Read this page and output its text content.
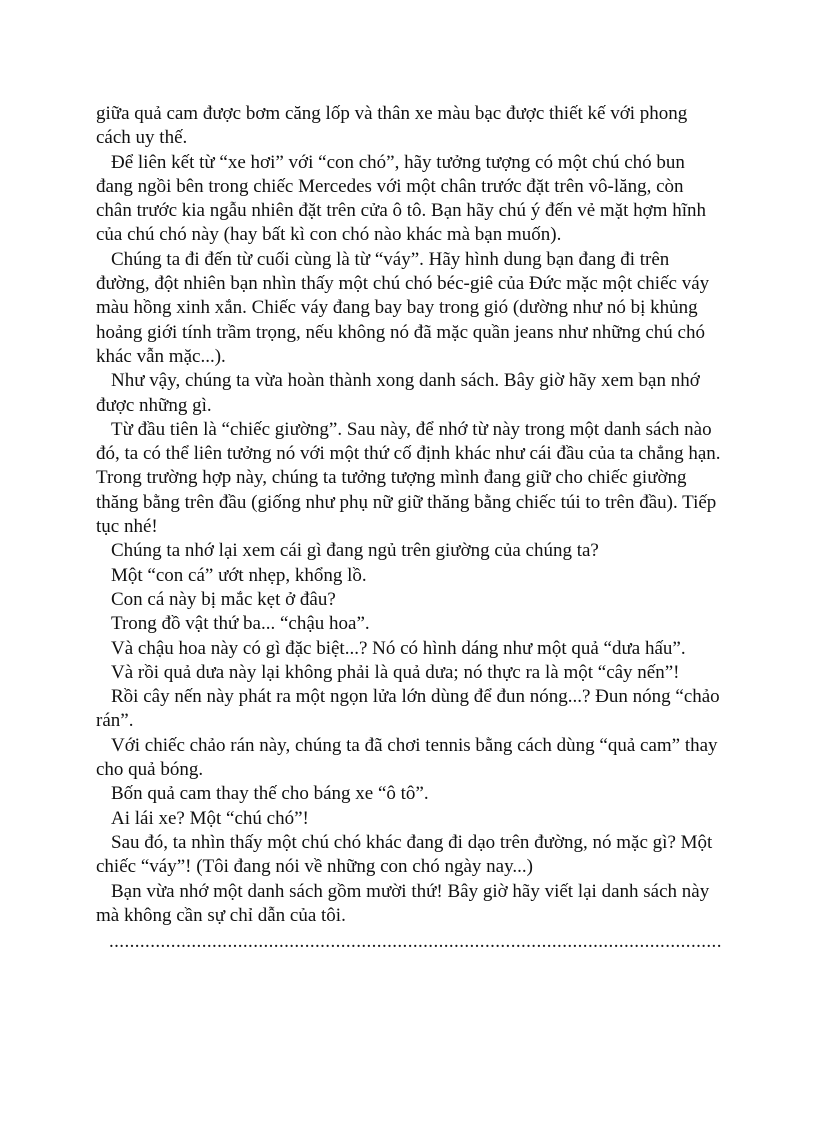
giữa quả cam được bơm căng lốp và thân xe màu bạc được thiết kế với phong cách uy thế.

Để liên kết từ “xe hơi” với “con chó”, hãy tưởng tượng có một chú chó bun đang ngồi bên trong chiếc Mercedes với một chân trước đặt trên vô-lăng, còn chân trước kia ngẫu nhiên đặt trên cửa ô tô. Bạn hãy chú ý đến vẻ mặt hợm hĩnh của chú chó này (hay bất kì con chó nào khác mà bạn muốn).

Chúng ta đi đến từ cuối cùng là từ “váy”. Hãy hình dung bạn đang đi trên đường, đột nhiên bạn nhìn thấy một chú chó béc-giê của Đức mặc một chiếc váy màu hồng xinh xắn. Chiếc váy đang bay bay trong gió (dường như nó bị khủng hoảng giới tính trầm trọng, nếu không nó đã mặc quần jeans như những chú chó khác vẫn mặc...).

Như vậy, chúng ta vừa hoàn thành xong danh sách. Bây giờ hãy xem bạn nhớ được những gì.

Từ đầu tiên là “chiếc giường”. Sau này, để nhớ từ này trong một danh sách nào đó, ta có thể liên tưởng nó với một thứ cố định khác như cái đầu của ta chẳng hạn. Trong trường hợp này, chúng ta tưởng tượng mình đang giữ cho chiếc giường thăng bằng trên đầu (giống như phụ nữ giữ thăng bằng chiếc túi to trên đầu). Tiếp tục nhé!

Chúng ta nhớ lại xem cái gì đang ngủ trên giường của chúng ta?

Một “con cá” ướt nhẹp, khổng lồ.

Con cá này bị mắc kẹt ở đâu?

Trong đồ vật thứ ba... “chậu hoa”.

Và chậu hoa này có gì đặc biệt...? Nó có hình dáng như một quả “dưa hấu”.

Và rồi quả dưa này lại không phải là quả dưa; nó thực ra là một “cây nến”!

Rồi cây nến này phát ra một ngọn lửa lớn dùng để đun nóng...? Đun nóng “chảo rán”.

Với chiếc chảo rán này, chúng ta đã chơi tennis bằng cách dùng “quả cam” thay cho quả bóng.

Bốn quả cam thay thế cho báng xe “ô tô”.

Ai lái xe? Một “chú chó”!

Sau đó, ta nhìn thấy một chú chó khác đang đi dạo trên đường, nó mặc gì? Một chiếc “váy”! (Tôi đang nói về những con chó ngày nay...)

Bạn vừa nhớ một danh sách gồm mười thứ! Bây giờ hãy viết lại danh sách này mà không cần sự chỉ dẫn của tôi.

.......................................................................................................................
